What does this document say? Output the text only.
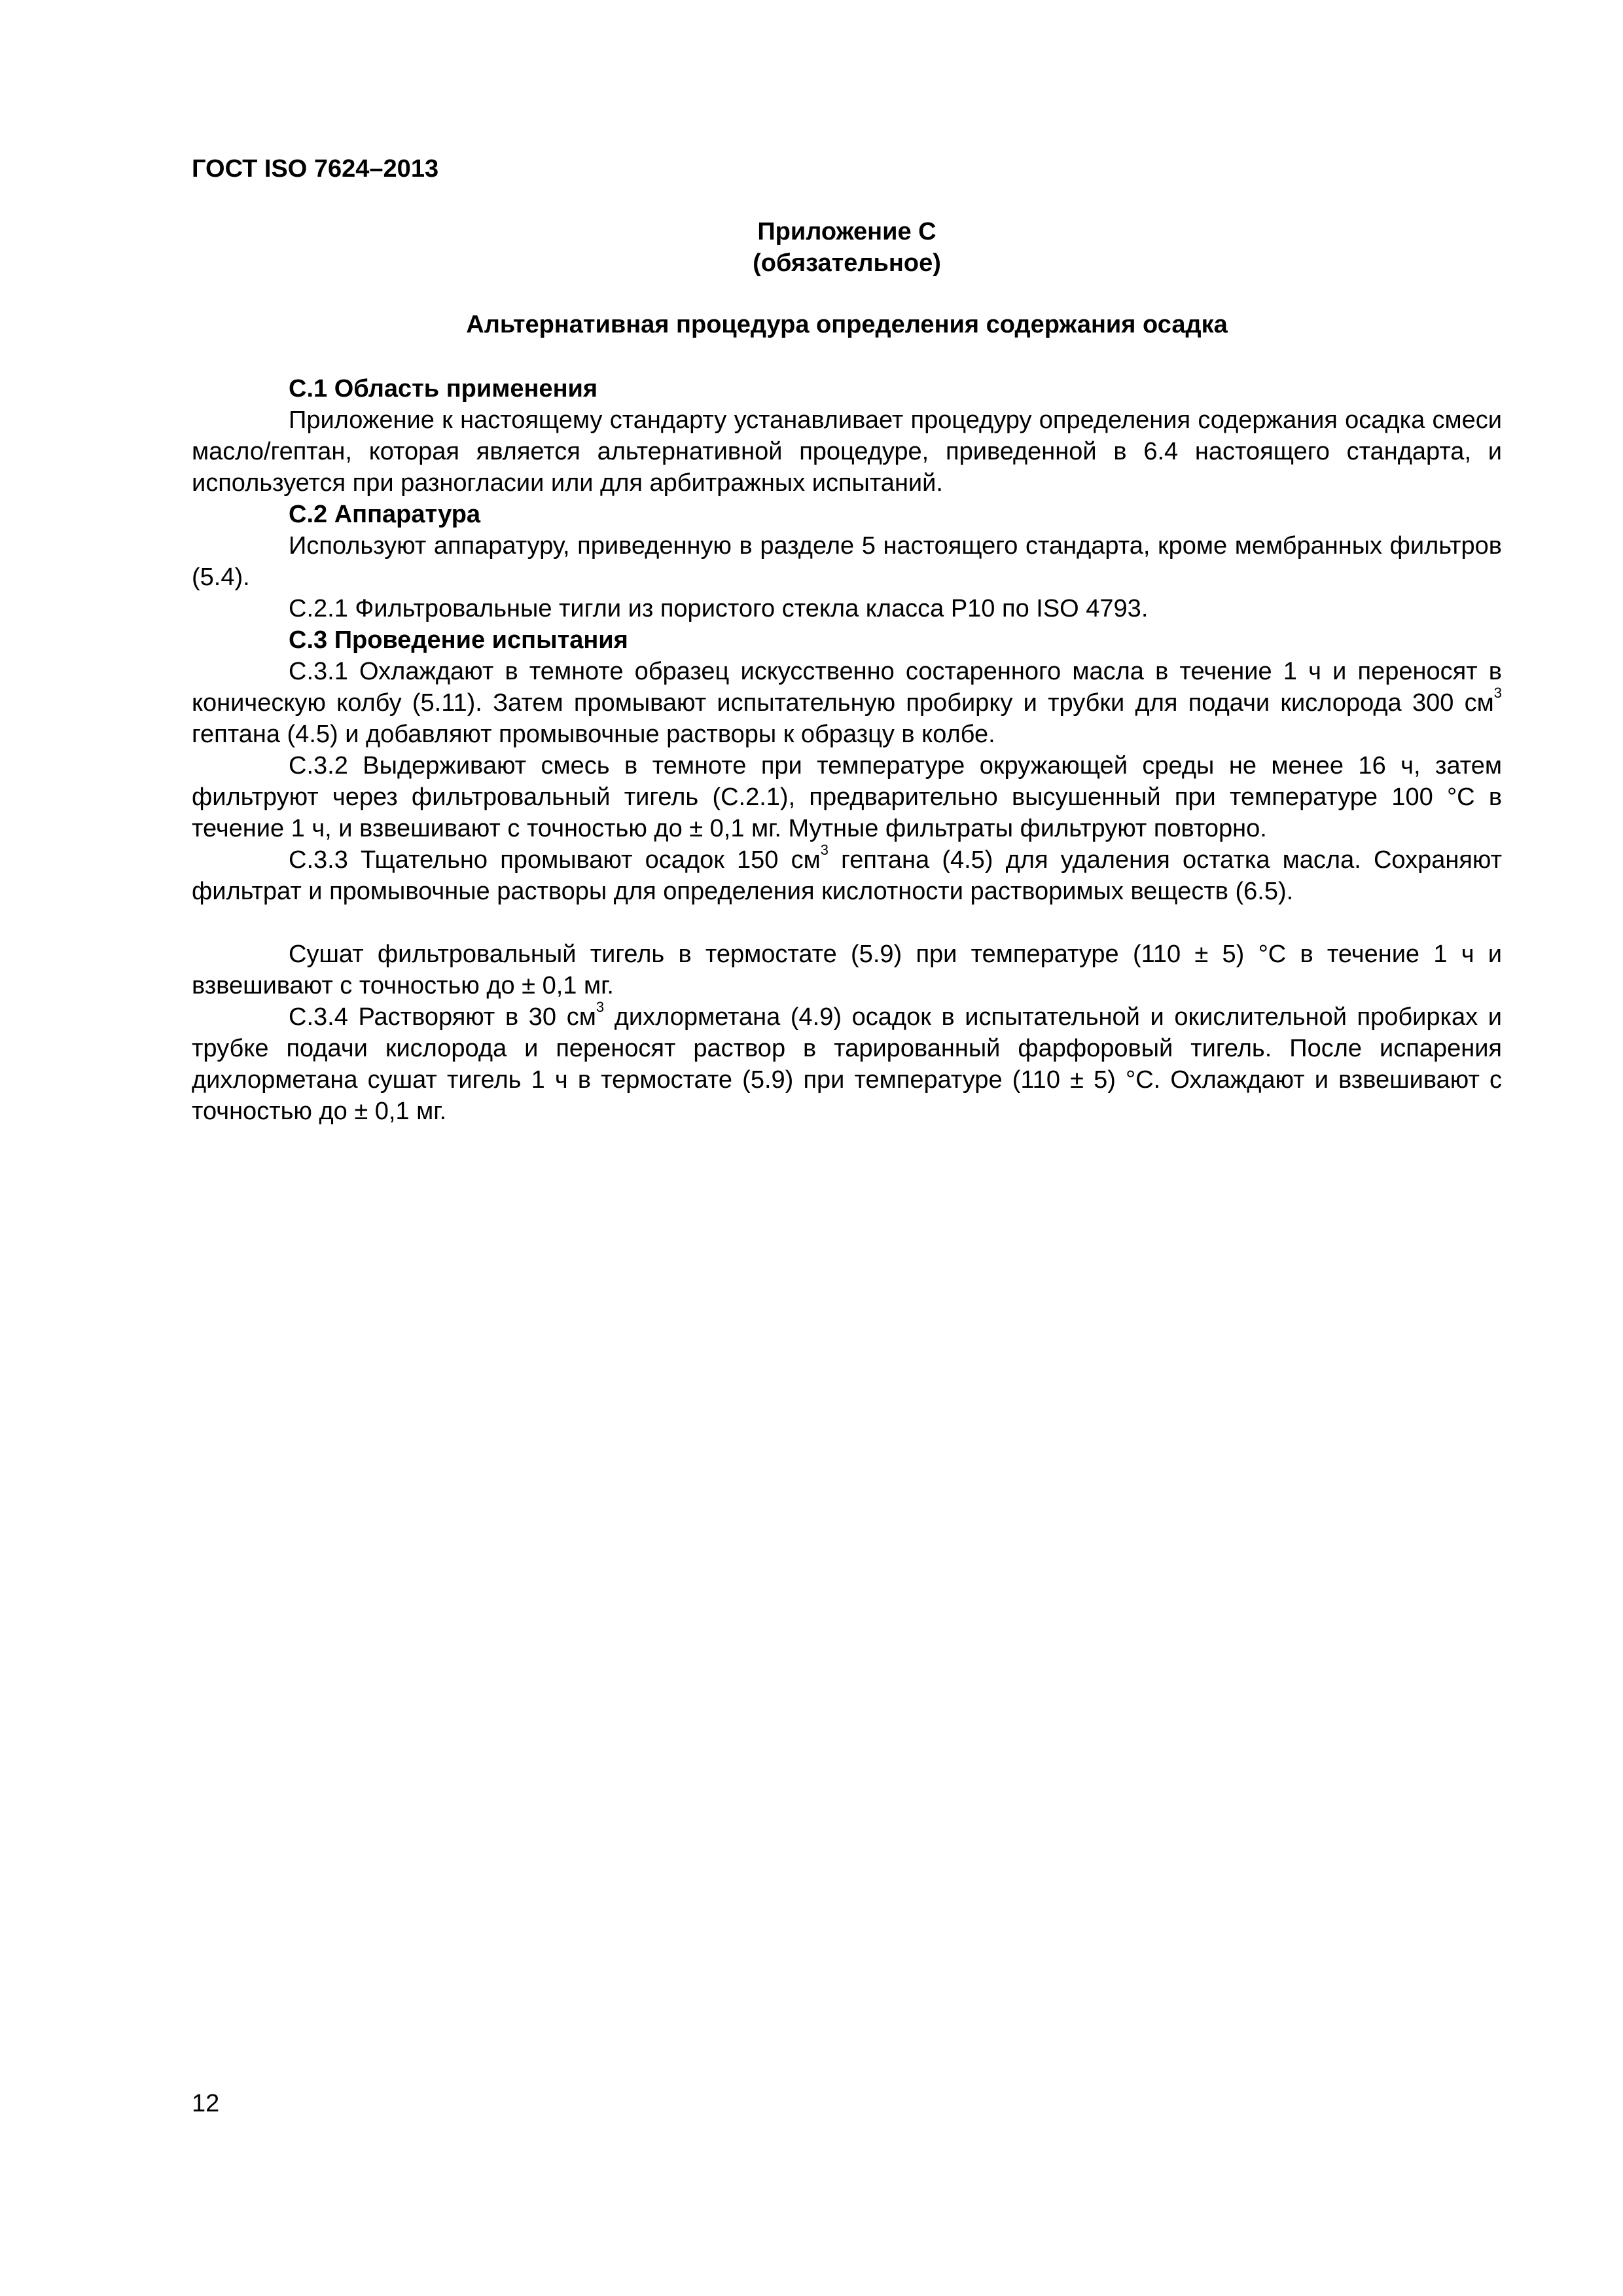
ГОСТ ISO 7624–2013
Приложение С
(обязательное)
Альтернативная процедура определения содержания осадка

С.1 Область применения

Приложение к настоящему стандарту устанавливает процедуру определения содержания осадка смеси масло/гептан, которая является альтернативной процедуре, приведенной в 6.4 настоящего стандарта, и используется при разногласии или для арбитражных испытаний.

С.2 Аппаратура

Используют аппаратуру, приведенную в разделе 5 настоящего стандарта, кроме мембранных фильтров (5.4).

С.2.1 Фильтровальные тигли из пористого стекла класса Р10 по ISO 4793.

С.3 Проведение испытания

С.3.1 Охлаждают в темноте образец искусственно состаренного масла в течение 1 ч и переносят в коническую колбу (5.11). Затем промывают испытательную пробирку и трубки для подачи кислорода 300 $см^3$ гептана (4.5) и добавляют промывочные растворы к образцу в колбе.

С.3.2 Выдерживают смесь в темноте при температуре окружающей среды не менее 16 ч, затем фильтруют через фильтровальный тигель (С.2.1), предварительно высушенный при температуре 100 °С в течение 1 ч, и взвешивают с точностью до ± 0,1 мг. Мутные фильтраты фильтруют повторно.

С.3.3 Тщательно промывают осадок 150 $см^3$ гептана (4.5) для удаления остатка масла. Сохраняют фильтрат и промывочные растворы для определения кислотности растворимых веществ (6.5).

Сушат фильтровальный тигель в термостате (5.9) при температуре (110 ± 5) °С в течение 1 ч и взвешивают с точностью до ± 0,1 мг.

С.3.4 Растворяют в 30 $см^3$ дихлорметана (4.9) осадок в испытательной и окислительной пробирках и трубке подачи кислорода и переносят раствор в тарированный фарфоровый тигель. После испарения дихлорметана сушат тигель 1 ч в термостате (5.9) при температуре (110 ± 5) °С. Охлаждают и взвешивают с точностью до ± 0,1 мг.

12
